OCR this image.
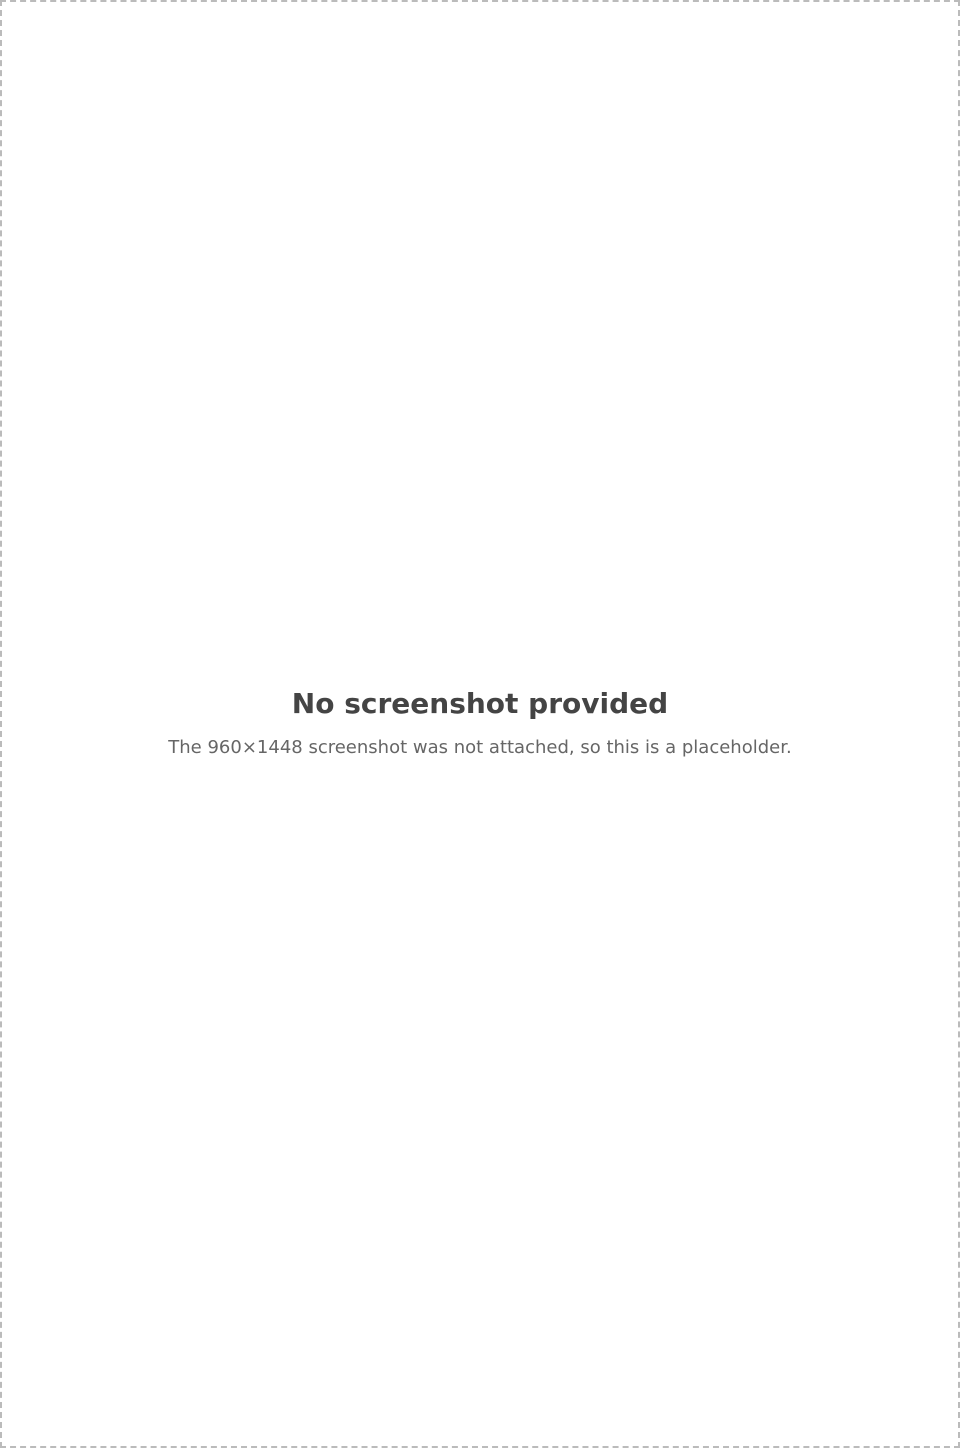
No screenshot provided
The 960×1448 screenshot was not attached, so this is a placeholder.
